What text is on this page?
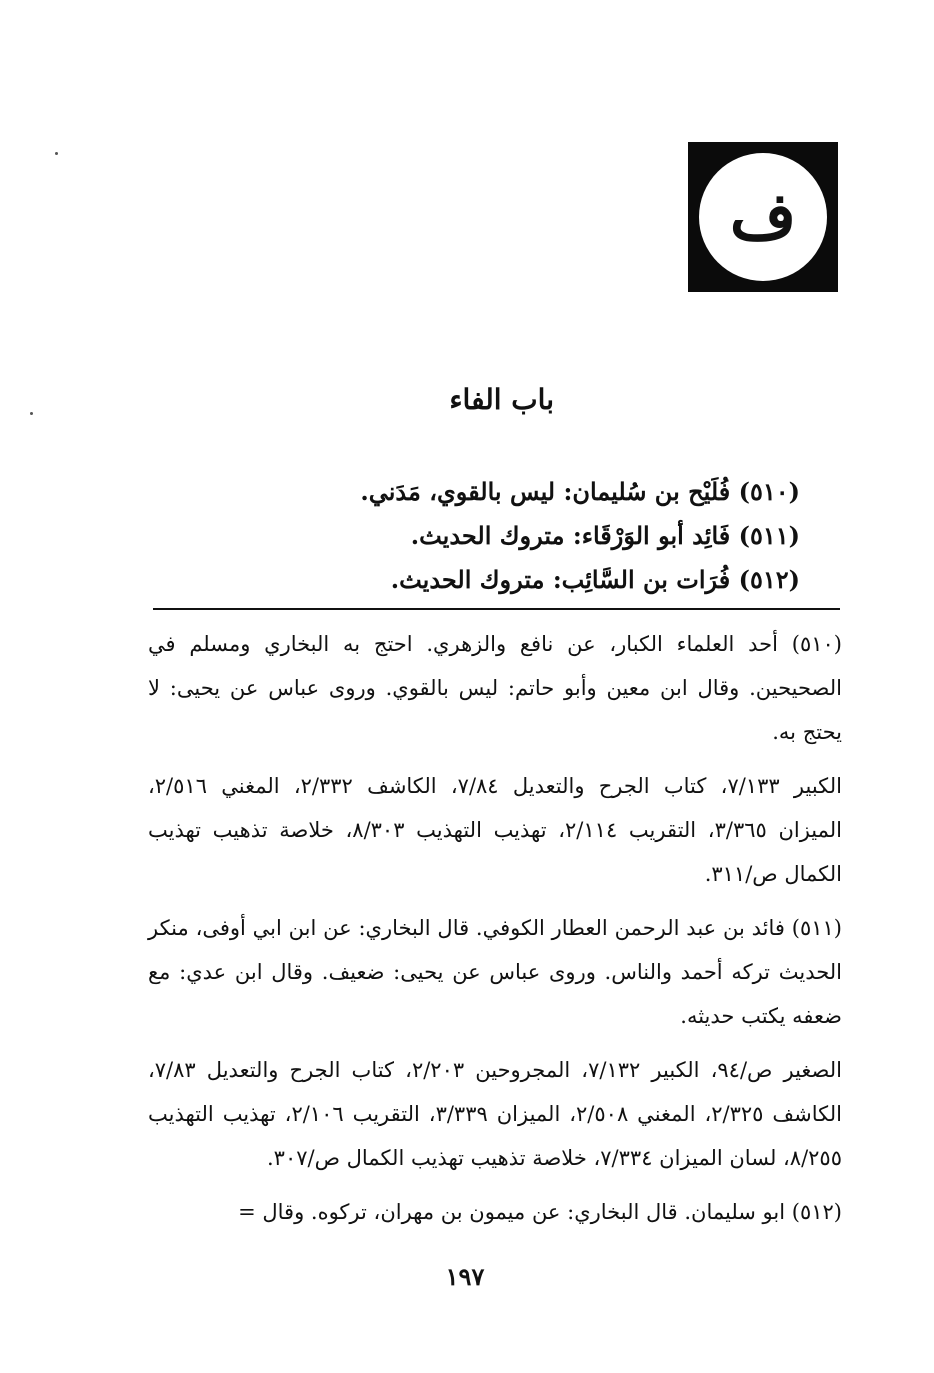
ف
باب الفاء
(٥١٠) فُلَيْح بن سُليمان: ليس بالقوي، مَدَني.
(٥١١) فَائِد أبو الوَرْقَاء: متروك الحديث.
(٥١٢) فُرَات بن السَّائِب: متروك الحديث.

(٥١٠) أحد العلماء الكبار، عن نافع والزهري. احتج به البخاري ومسلم في الصحيحين. وقال ابن معين وأبو حاتم: ليس بالقوي. وروى عباس عن يحيى: لا يحتج به.

الكبير ٧/١٣٣، كتاب الجرح والتعديل ٧/٨٤، الكاشف ٢/٣٣٢، المغني ٢/٥١٦، الميزان ٣/٣٦٥، التقريب ٢/١١٤، تهذيب التهذيب ٨/٣٠٣، خلاصة تذهيب تهذيب الكمال ص/٣١١.

(٥١١) فائد بن عبد الرحمن العطار الكوفي. قال البخاري: عن ابن ابي أوفى، منكر الحديث تركه أحمد والناس. وروى عباس عن يحيى: ضعيف. وقال ابن عدي: مع ضعفه يكتب حديثه.

الصغير ص/٩٤، الكبير ٧/١٣٢، المجروحين ٢/٢٠٣، كتاب الجرح والتعديل ٧/٨٣، الكاشف ٢/٣٢٥، المغني ٢/٥٠٨، الميزان ٣/٣٣٩، التقريب ٢/١٠٦، تهذيب التهذيب ٨/٢٥٥، لسان الميزان ٧/٣٣٤، خلاصة تذهيب تهذيب الكمال ص/٣٠٧.

(٥١٢) ابو سليمان. قال البخاري: عن ميمون بن مهران، تركوه. وقال =

١٩٧
